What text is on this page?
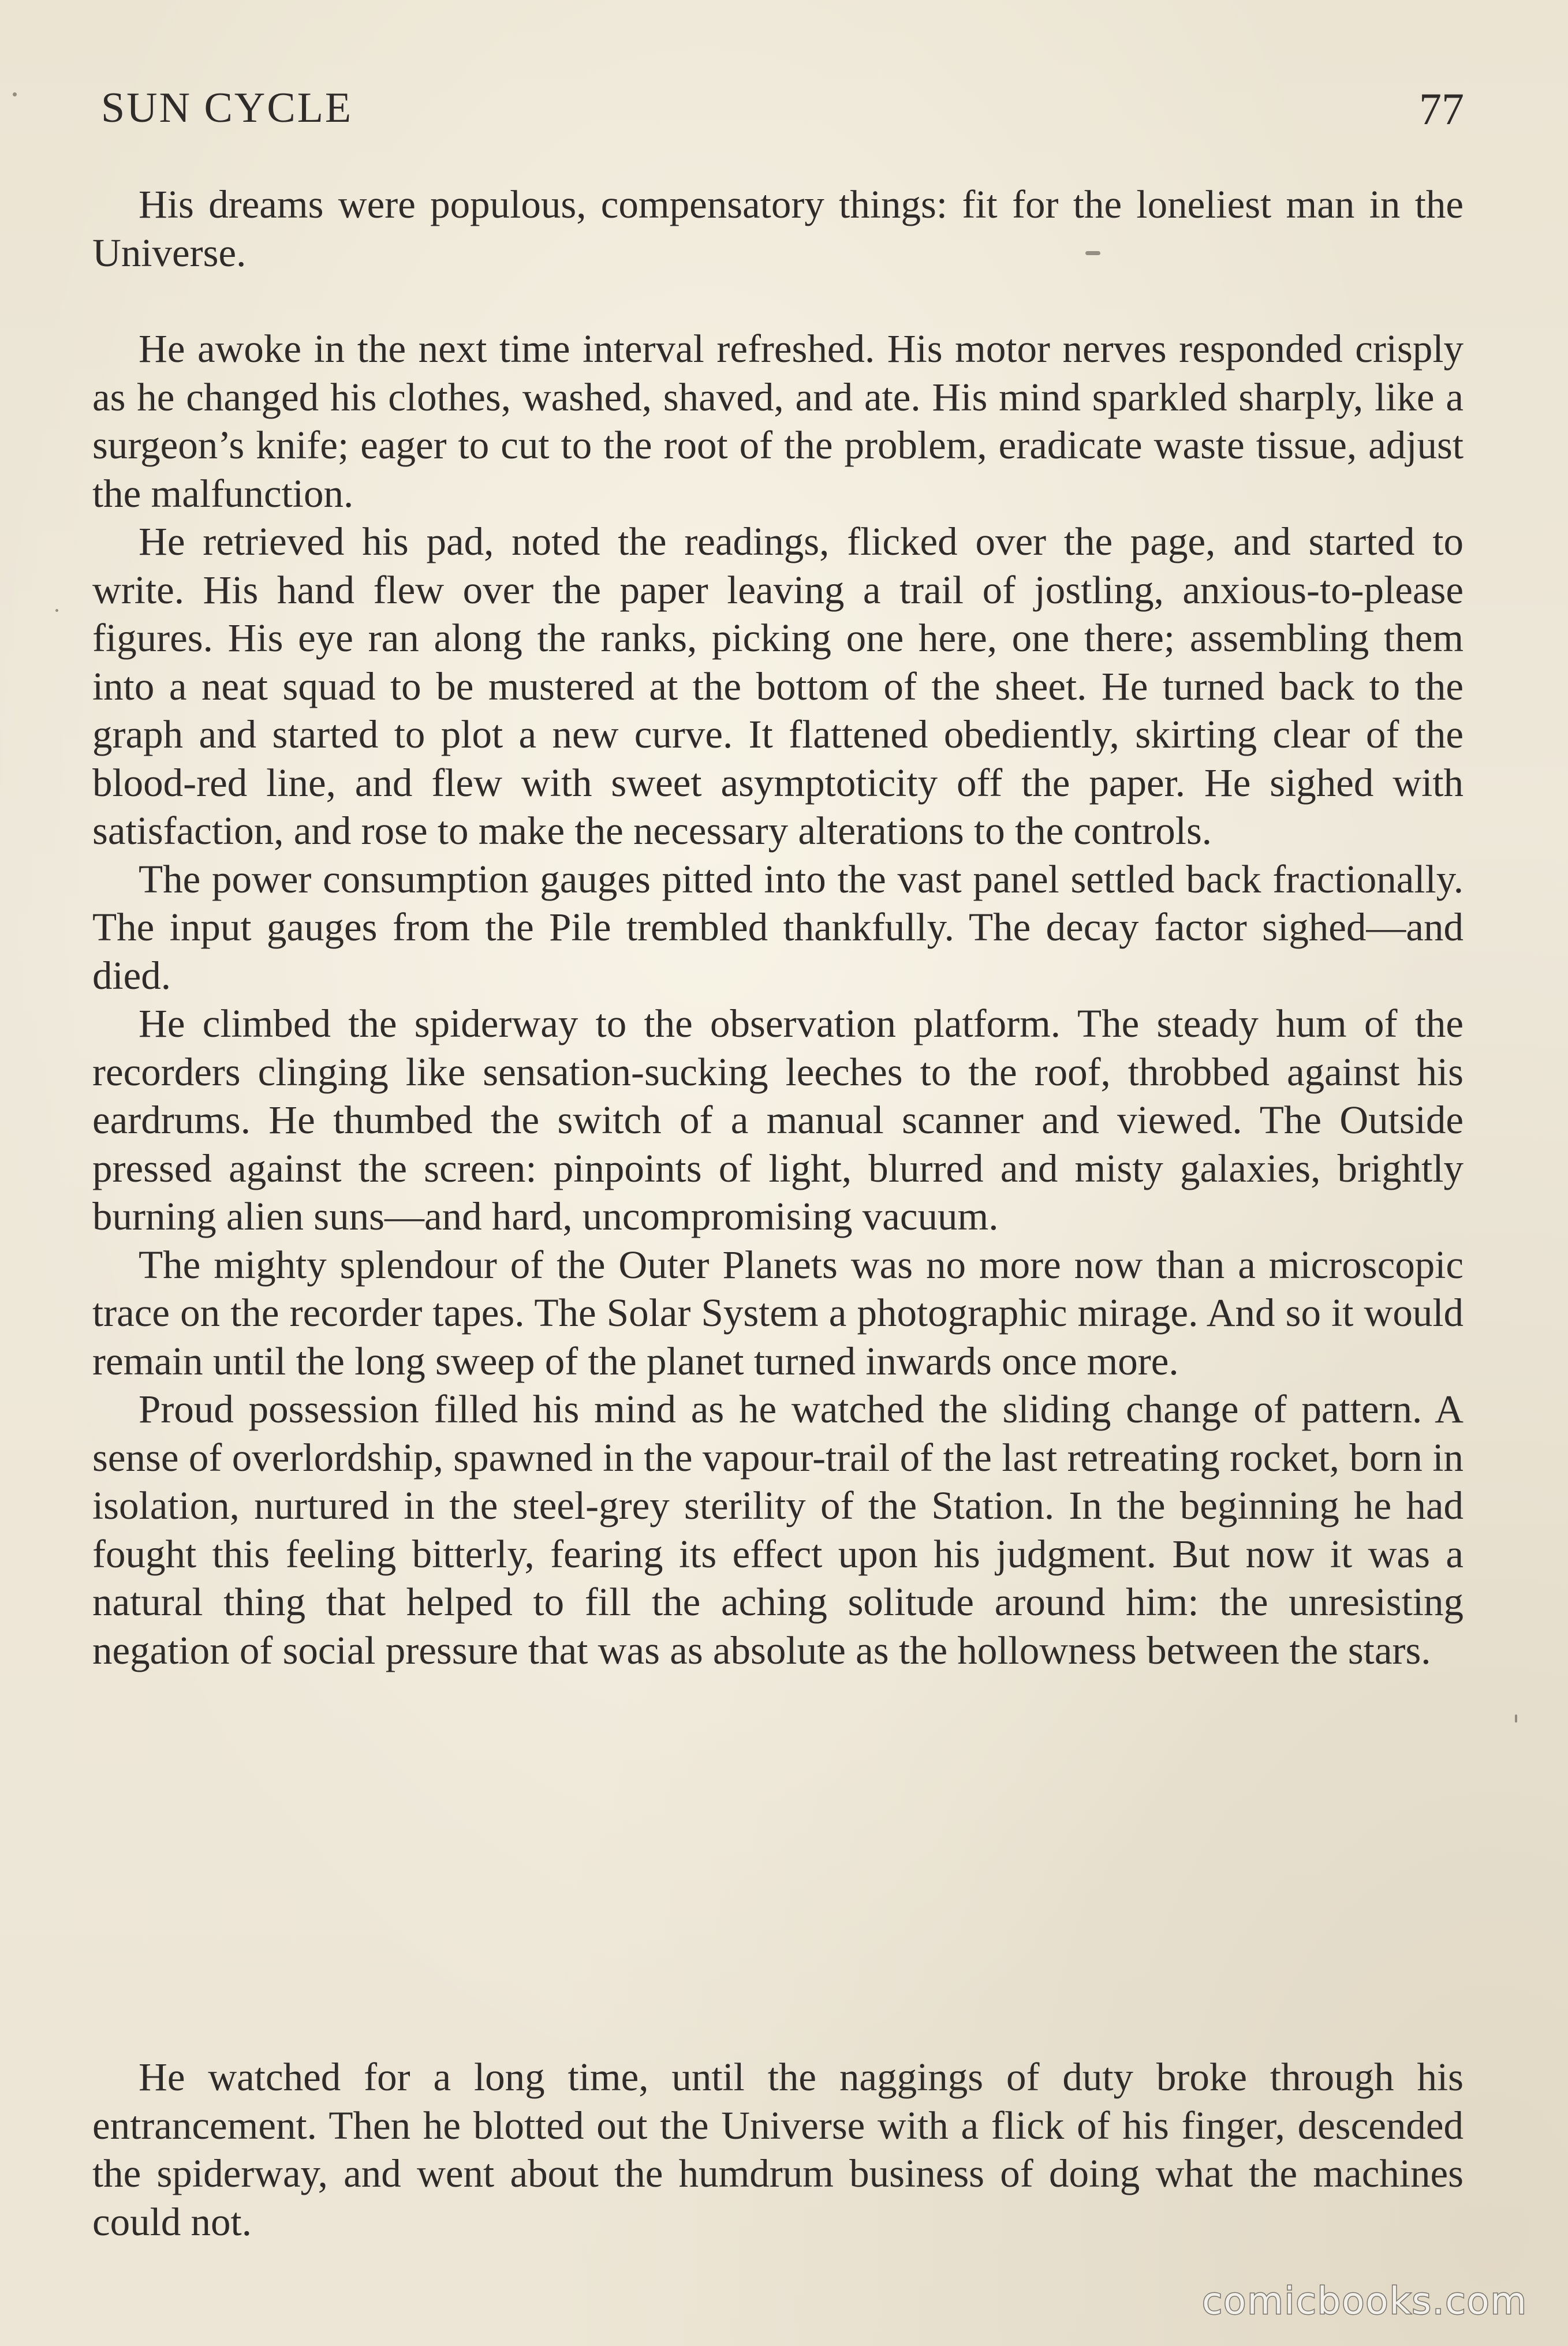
SUN CYCLE	77

His dreams were populous, compensatory things: fit for the loneliest man in the Universe.

He awoke in the next time interval refreshed. His motor nerves responded crisply as he changed his clothes, washed, shaved, and ate. His mind sparkled sharply, like a surgeon’s knife; eager to cut to the root of the problem, eradicate waste tissue, adjust the malfunction.

He retrieved his pad, noted the readings, flicked over the page, and started to write. His hand flew over the paper leaving a trail of jostling, anxious-to-please figures. His eye ran along the ranks, picking one here, one there; assembling them into a neat squad to be mustered at the bottom of the sheet. He turned back to the graph and started to plot a new curve. It flattened obediently, skirting clear of the blood-red line, and flew with sweet asymptoticity off the paper. He sighed with satisfaction, and rose to make the necessary alterations to the controls.

The power consumption gauges pitted into the vast panel settled back fractionally. The input gauges from the Pile trembled thankfully. The decay factor sighed—and died.

He climbed the spiderway to the observation platform. The steady hum of the recorders clinging like sensation-sucking leeches to the roof, throbbed against his eardrums. He thumbed the switch of a manual scanner and viewed. The Outside pressed against the screen: pinpoints of light, blurred and misty galaxies, brightly burning alien suns—and hard, uncompromising vacuum.

The mighty splendour of the Outer Planets was no more now than a microscopic trace on the recorder tapes. The Solar System a photographic mirage. And so it would remain until the long sweep of the planet turned inwards once more.

Proud possession filled his mind as he watched the sliding change of pattern. A sense of overlordship, spawned in the vapour-trail of the last retreating rocket, born in isolation, nurtured in the steel-grey sterility of the Station. In the beginning he had fought this feeling bitterly, fearing its effect upon his judgment. But now it was a natural thing that helped to fill the aching solitude around him: the unresisting negation of social pressure that was as absolute as the hollowness between the stars.

He watched for a long time, until the naggings of duty broke through his entrancement. Then he blotted out the Universe with a flick of his finger, descended the spiderway, and went about the humdrum business of doing what the machines could not.

comicbooks.com
